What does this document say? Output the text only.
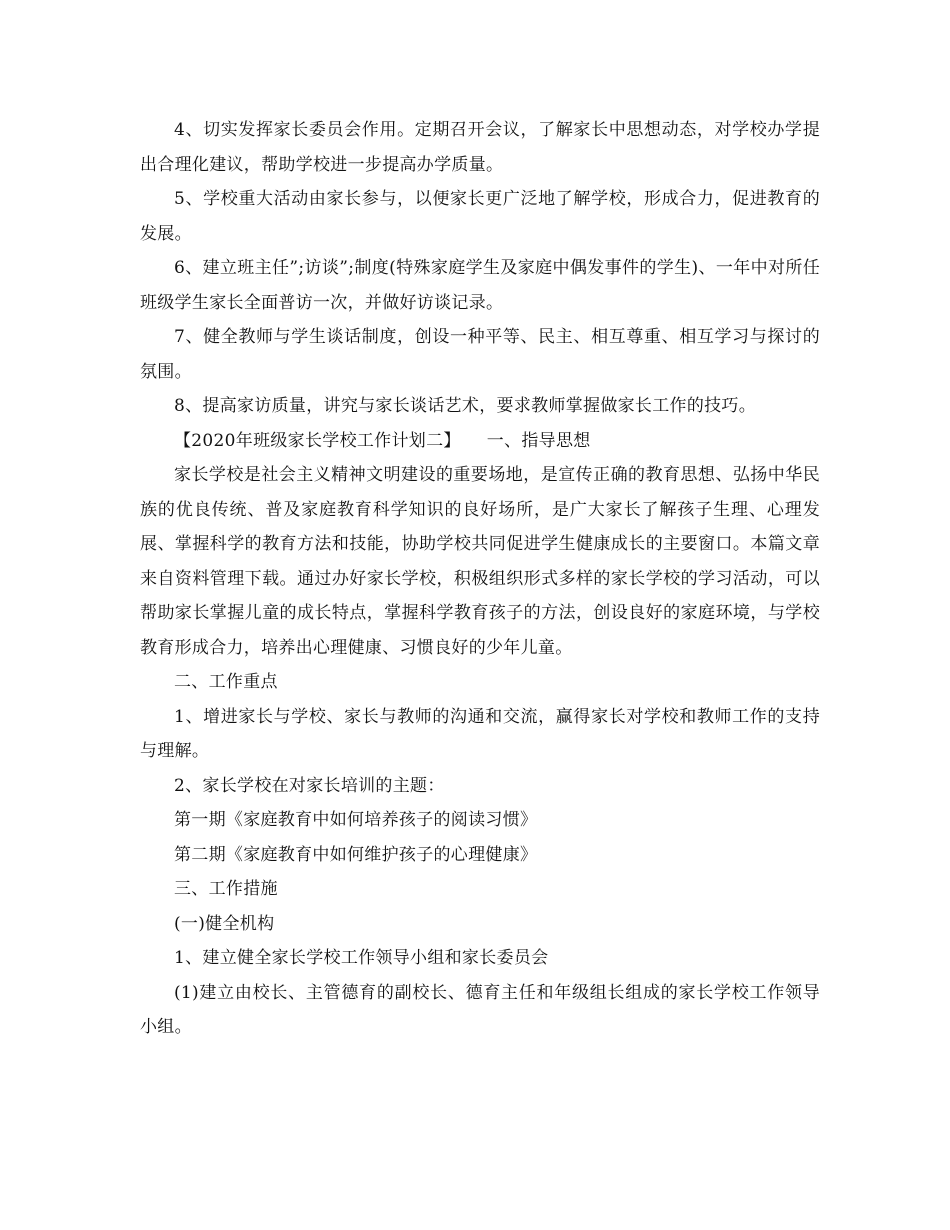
4、切实发挥家长委员会作用。定期召开会议，了解家长中思想动态，对学校办学提出合理化建议，帮助学校进一步提高办学质量。

5、学校重大活动由家长参与，以便家长更广泛地了解学校，形成合力，促进教育的发展。

6、建立班主任”;访谈”;制度(特殊家庭学生及家庭中偶发事件的学生)、一年中对所任班级学生家长全面普访一次，并做好访谈记录。

7、健全教师与学生谈话制度，创设一种平等、民主、相互尊重、相互学习与探讨的氛围。

8、提高家访质量，讲究与家长谈话艺术，要求教师掌握做家长工作的技巧。

【2020年班级家长学校工作计划二】　　一、指导思想

家长学校是社会主义精神文明建设的重要场地，是宣传正确的教育思想、弘扬中华民族的优良传统、普及家庭教育科学知识的良好场所，是广大家长了解孩子生理、心理发展、掌握科学的教育方法和技能，协助学校共同促进学生健康成长的主要窗口。本篇文章来自资料管理下载。通过办好家长学校，积极组织形式多样的家长学校的学习活动，可以帮助家长掌握儿童的成长特点，掌握科学教育孩子的方法，创设良好的家庭环境，与学校教育形成合力，培养出心理健康、习惯良好的少年儿童。

二、工作重点

1、增进家长与学校、家长与教师的沟通和交流，赢得家长对学校和教师工作的支持与理解。

2、家长学校在对家长培训的主题：

第一期《家庭教育中如何培养孩子的阅读习惯》

第二期《家庭教育中如何维护孩子的心理健康》

三、工作措施

(一)健全机构

1、建立健全家长学校工作领导小组和家长委员会

(1)建立由校长、主管德育的副校长、德育主任和年级组长组成的家长学校工作领导小组。
